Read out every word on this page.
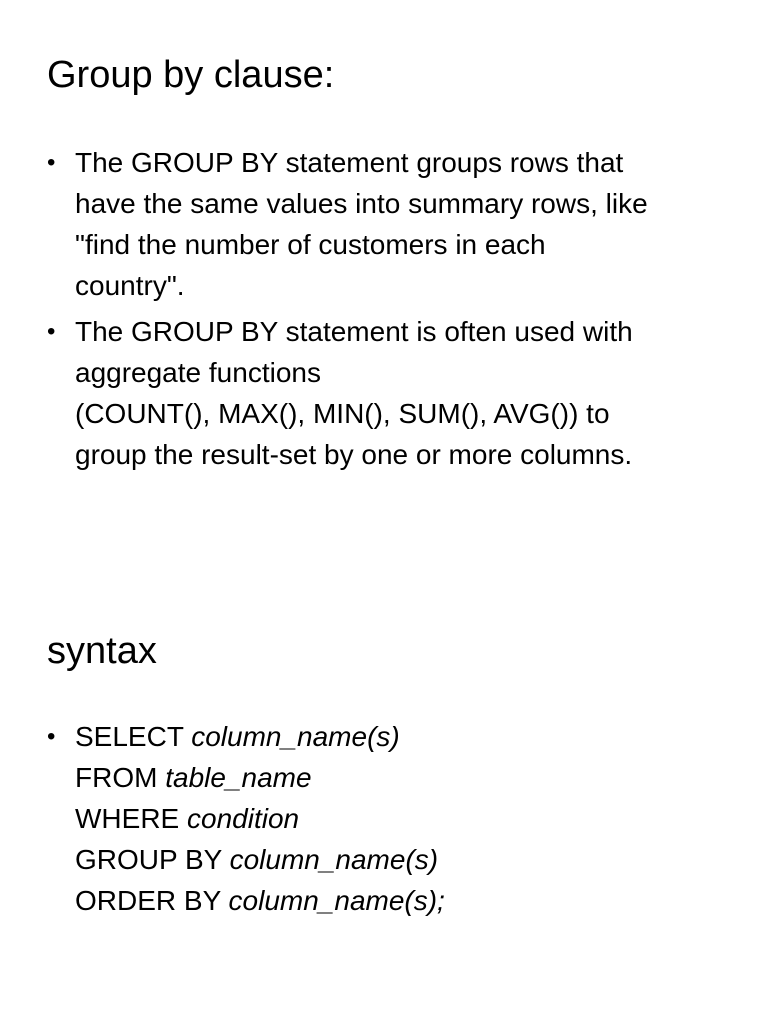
Group by clause:
• The GROUP BY statement groups rows that
have the same values into summary rows, like
"find the number of customers in each
country".
• The GROUP BY statement is often used with
aggregate functions
(COUNT(), MAX(), MIN(), SUM(), AVG()) to
group the result-set by one or more columns.
syntax
• SELECT column_name(s)
FROM table_name
WHERE condition
GROUP BY column_name(s)
ORDER BY column_name(s);
